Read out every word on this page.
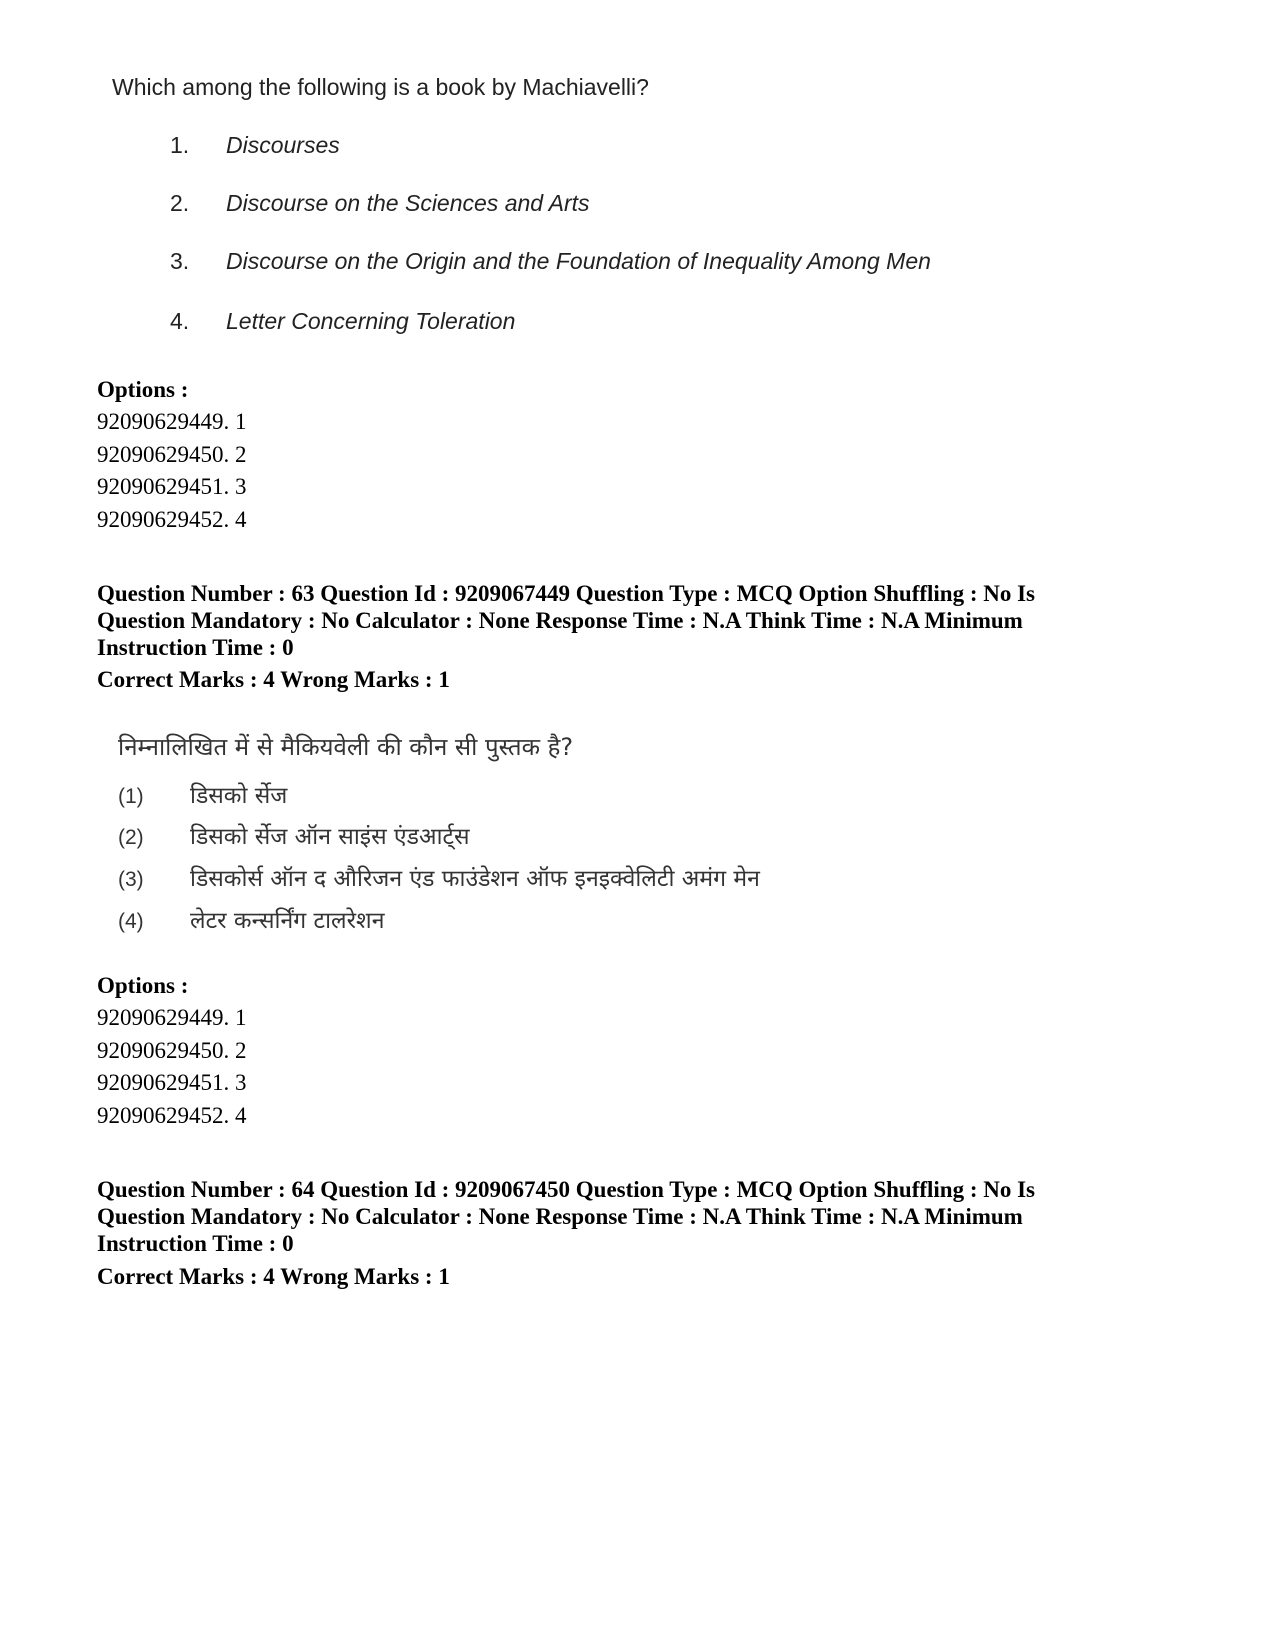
Which among the following is a book by Machiavelli?
1. Discourses
2. Discourse on the Sciences and Arts
3. Discourse on the Origin and the Foundation of Inequality Among Men
4. Letter Concerning Toleration
Options :
92090629449. 1
92090629450. 2
92090629451. 3
92090629452. 4
Question Number : 63 Question Id : 9209067449 Question Type : MCQ Option Shuffling : No Is Question Mandatory : No Calculator : None Response Time : N.A Think Time : N.A Minimum Instruction Time : 0
Correct Marks : 4 Wrong Marks : 1
निम्नालिखित में से मैकियवेली की कौन सी पुस्तक है?
(1) डिसको र्सेज
(2) डिसको र्सेज ऑन साइंस एंडआर्ट्स
(3) डिसकोर्स ऑन द औरिजन एंड फाउंडेशन ऑफ इनइक्वेलिटी अमंग मेन
(4) लेटर कन्सर्निंग टालरेशन
Options :
92090629449. 1
92090629450. 2
92090629451. 3
92090629452. 4
Question Number : 64 Question Id : 9209067450 Question Type : MCQ Option Shuffling : No Is Question Mandatory : No Calculator : None Response Time : N.A Think Time : N.A Minimum Instruction Time : 0
Correct Marks : 4 Wrong Marks : 1
